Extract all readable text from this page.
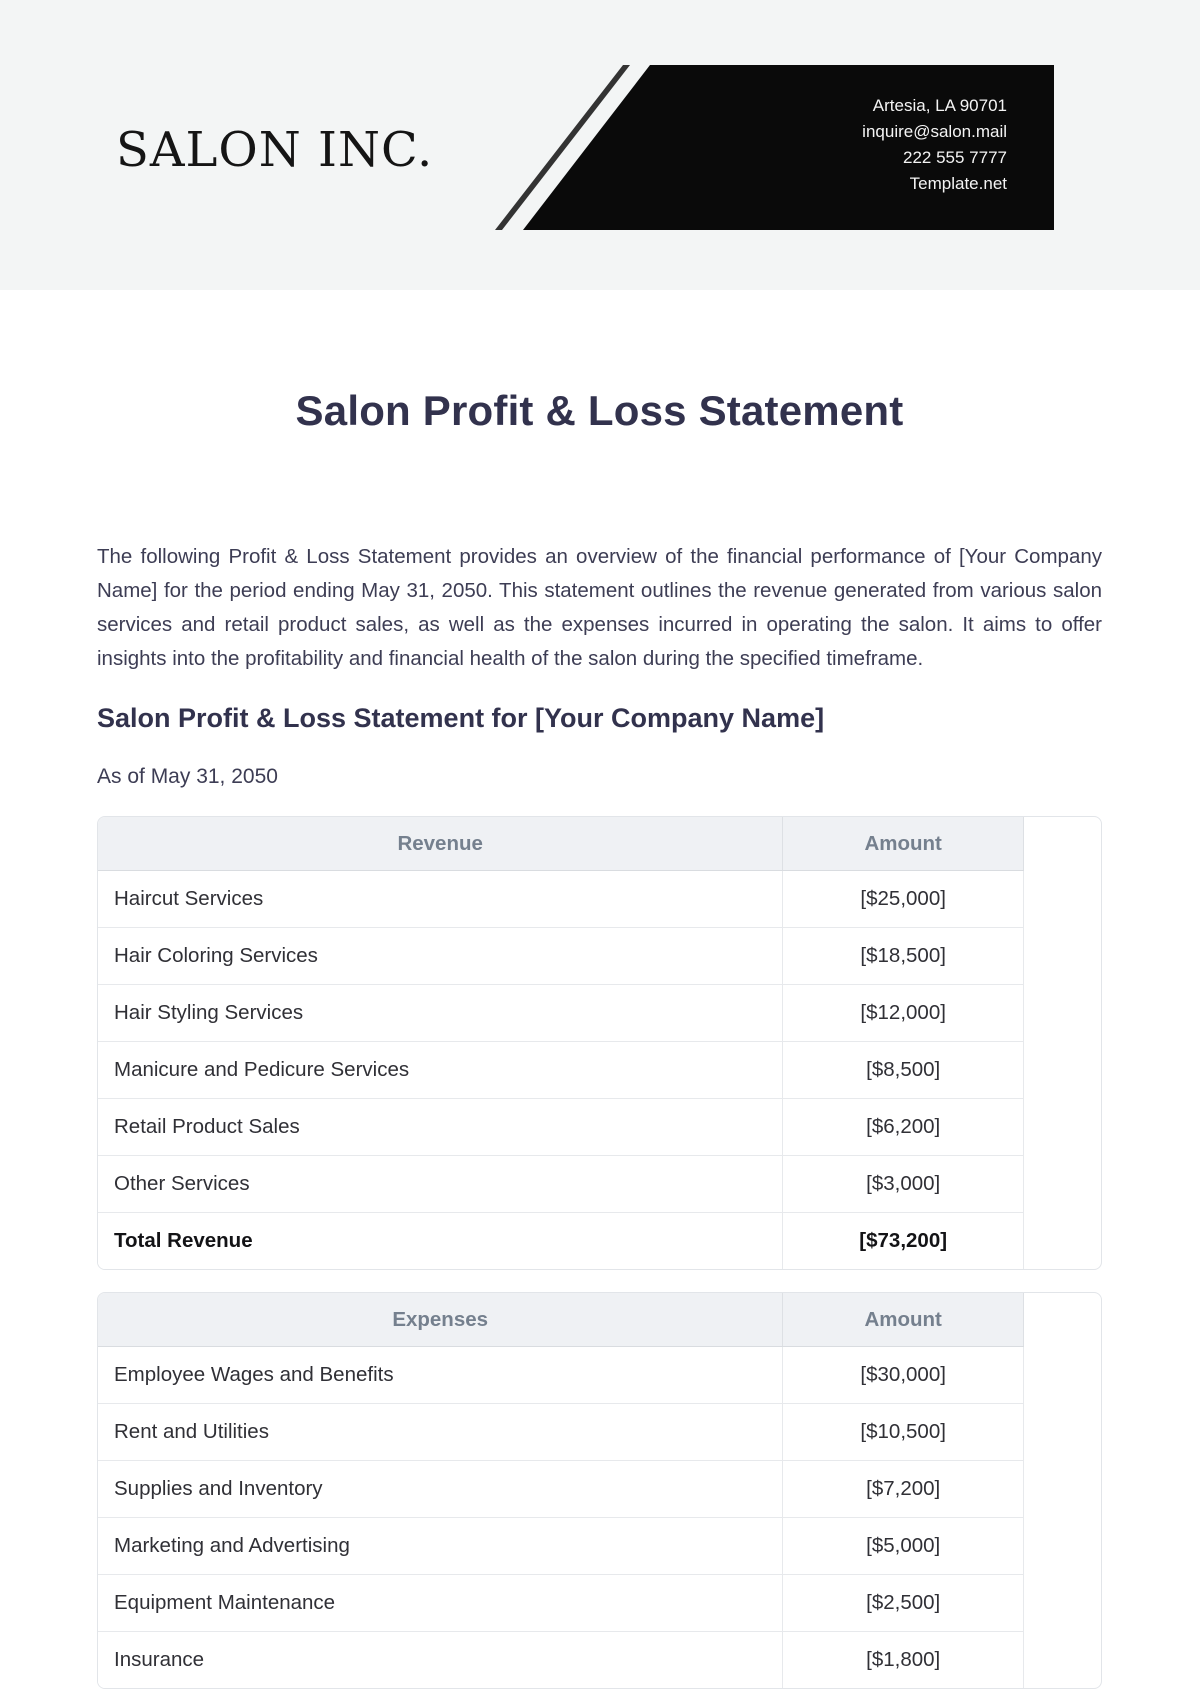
SALON INC.
Artesia, LA 90701
inquire@salon.mail
222 555 7777
Template.net
Salon Profit & Loss Statement

The following Profit & Loss Statement provides an overview of the financial performance of [Your Company Name] for the period ending May 31, 2050. This statement outlines the revenue generated from various salon services and retail product sales, as well as the expenses incurred in operating the salon. It aims to offer insights into the profitability and financial health of the salon during the specified timeframe.

Salon Profit & Loss Statement for [Your Company Name]
As of May 31, 2050
Revenue	Amount
Haircut Services	[$25,000]
Hair Coloring Services	[$18,500]
Hair Styling Services	[$12,000]
Manicure and Pedicure Services	[$8,500]
Retail Product Sales	[$6,200]
Other Services	[$3,000]
Total Revenue	[$73,200]
Expenses	Amount
Employee Wages and Benefits	[$30,000]
Rent and Utilities	[$10,500]
Supplies and Inventory	[$7,200]
Marketing and Advertising	[$5,000]
Equipment Maintenance	[$2,500]
Insurance	[$1,800]
